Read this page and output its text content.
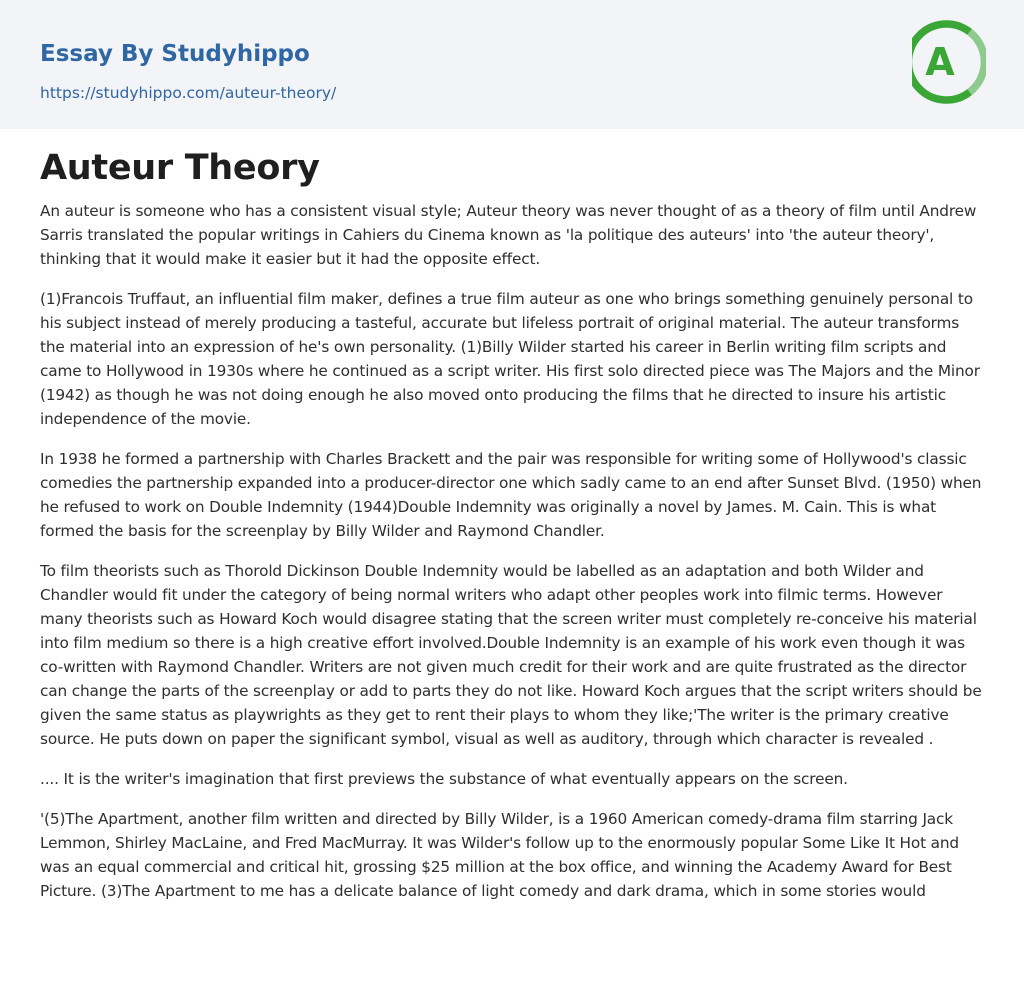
Essay By Studyhippo
https://studyhippo.com/auteur-theory/
A
Auteur Theory

An auteur is someone who has a consistent visual style; Auteur theory was never thought of as a theory of film until Andrew Sarris translated the popular writings in Cahiers du Cinema known as 'la politique des auteurs' into 'the auteur theory', thinking that it would make it easier but it had the opposite effect.

(1)Francois Truffaut, an influential film maker, defines a true film auteur as one who brings something genuinely personal to his subject instead of merely producing a tasteful, accurate but lifeless portrait of original material. The auteur transforms the material into an expression of he's own personality. (1)Billy Wilder started his career in Berlin writing film scripts and came to Hollywood in 1930s where he continued as a script writer. His first solo directed piece was The Majors and the Minor (1942) as though he was not doing enough he also moved onto producing the films that he directed to insure his artistic independence of the movie.

In 1938 he formed a partnership with Charles Brackett and the pair was responsible for writing some of Hollywood's classic comedies the partnership expanded into a producer-director one which sadly came to an end after Sunset Blvd. (1950) when he refused to work on Double Indemnity (1944)Double Indemnity was originally a novel by James. M. Cain. This is what formed the basis for the screenplay by Billy Wilder and Raymond Chandler.

To film theorists such as Thorold Dickinson Double Indemnity would be labelled as an adaptation and both Wilder and Chandler would fit under the category of being normal writers who adapt other peoples work into filmic terms. However many theorists such as Howard Koch would disagree stating that the screen writer must completely re-conceive his material into film medium so there is a high creative effort involved.Double Indemnity is an example of his work even though it was co-written with Raymond Chandler. Writers are not given much credit for their work and are quite frustrated as the director can change the parts of the screenplay or add to parts they do not like. Howard Koch argues that the script writers should be given the same status as playwrights as they get to rent their plays to whom they like;'The writer is the primary creative source. He puts down on paper the significant symbol, visual as well as auditory, through which character is revealed .

.... It is the writer's imagination that first previews the substance of what eventually appears on the screen.

'(5)The Apartment, another film written and directed by Billy Wilder, is a 1960 American comedy-drama film starring Jack Lemmon, Shirley MacLaine, and Fred MacMurray. It was Wilder's follow up to the enormously popular Some Like It Hot and was an equal commercial and critical hit, grossing $25 million at the box office, and winning the Academy Award for Best Picture. (3)The Apartment to me has a delicate balance of light comedy and dark drama, which in some stories would
